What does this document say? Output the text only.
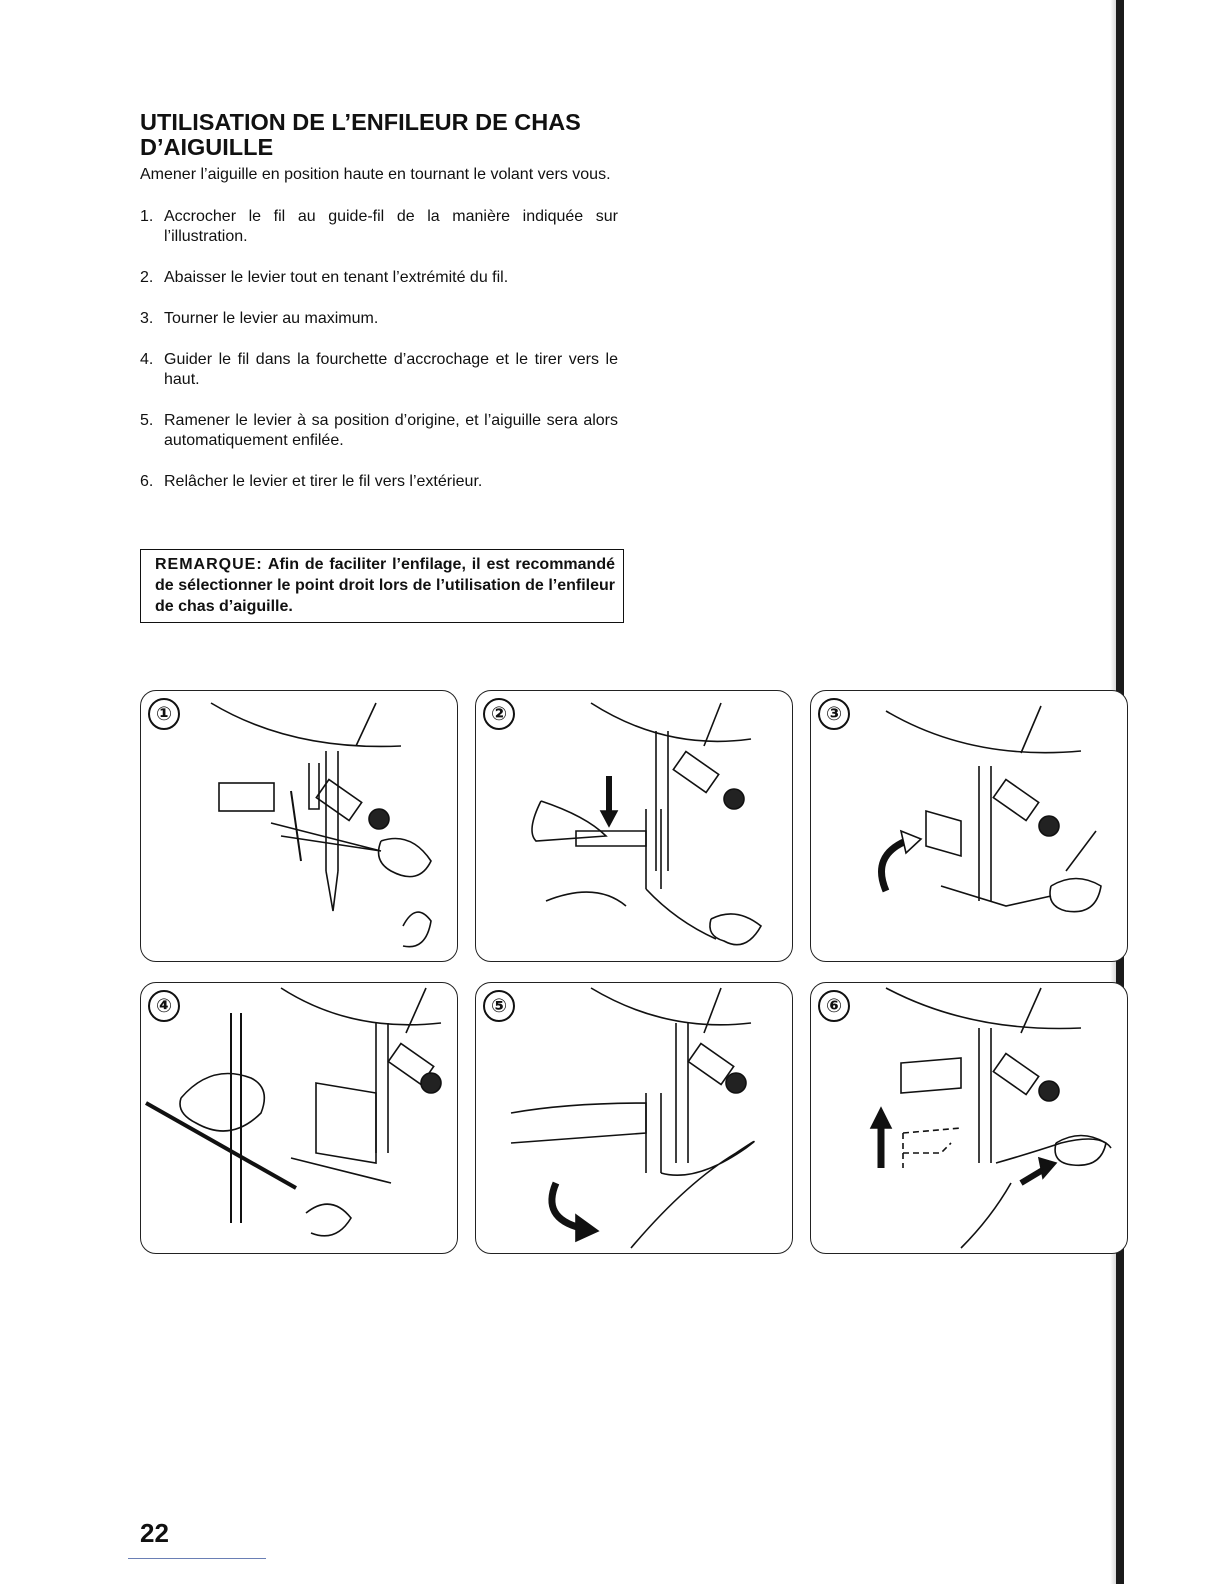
UTILISATION DE L’ENFILEUR DE CHAS D’AIGUILLE

Amener l’aiguille en position haute en tournant le volant vers vous.

1. Accrocher le fil au guide-fil de la manière indiquée sur l’illustration.
2. Abaisser le levier tout en tenant l’extrémité du fil.
3. Tourner le levier au maximum.
4. Guider le fil dans la fourchette d’accrochage et le tirer vers le haut.
5. Ramener le levier à sa position d’origine, et l’aiguille sera alors automatiquement enfilée.
6. Relâcher le levier et tirer le fil vers l’extérieur.
REMARQUE: Afin de faciliter l’enfilage, il est recommandé de sélectionner le point droit lors de l’utilisation de l’enfileur de chas d’aiguille.
①	②	③
④	⑤	⑥
22
